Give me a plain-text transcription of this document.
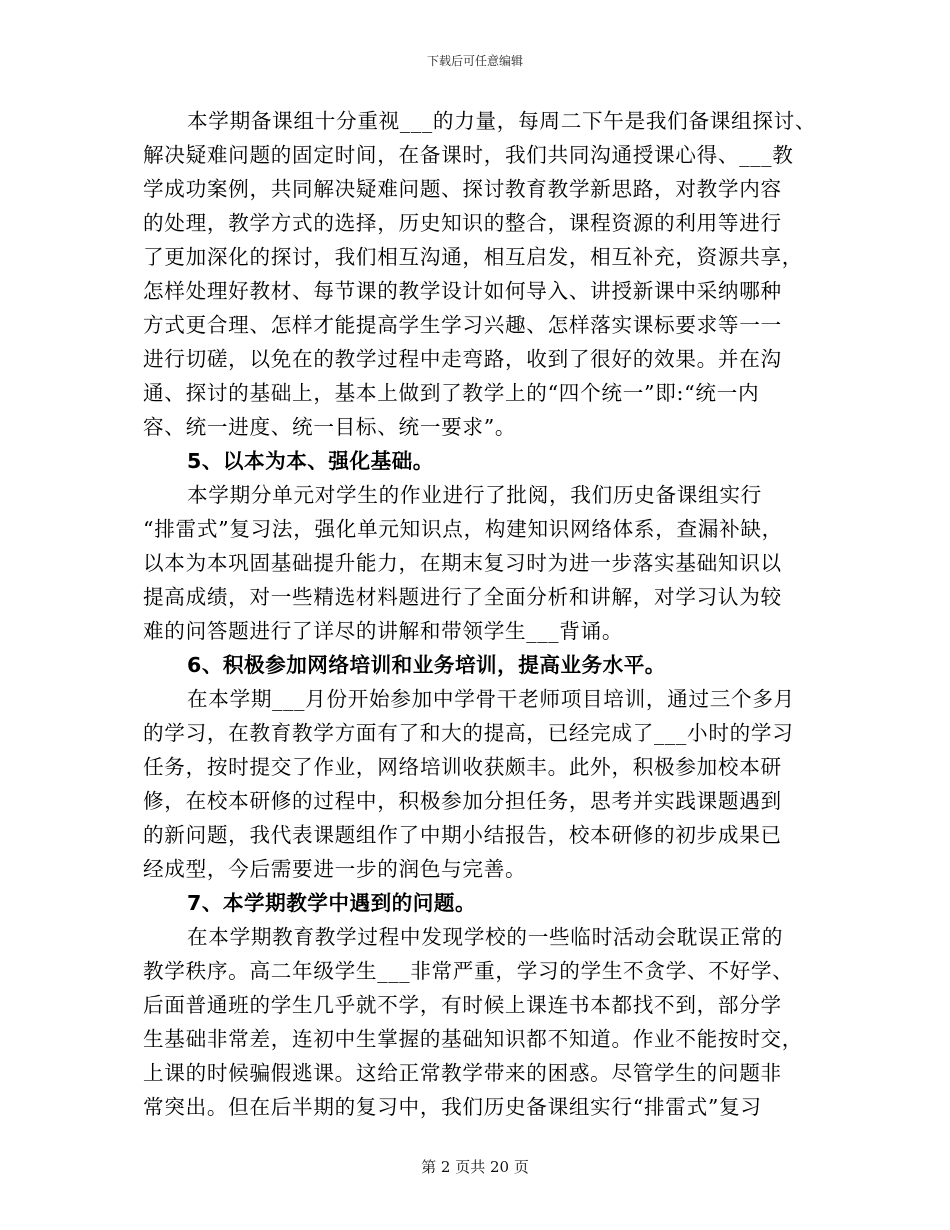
下载后可任意编辑
本学期备课组十分重视___的力量，每周二下午是我们备课组探讨、
解决疑难问题的固定时间，在备课时，我们共同沟通授课心得、___教
学成功案例，共同解决疑难问题、探讨教育教学新思路，对教学内容
的处理，教学方式的选择，历史知识的整合，课程资源的利用等进行
了更加深化的探讨，我们相互沟通，相互启发，相互补充，资源共享，
怎样处理好教材、每节课的教学设计如何导入、讲授新课中采纳哪种
方式更合理、怎样才能提高学生学习兴趣、怎样落实课标要求等一一
进行切磋，以免在的教学过程中走弯路，收到了很好的效果。并在沟
通、探讨的基础上，基本上做到了教学上的“四个统一”即:“统一内
容、统一进度、统一目标、统一要求”。
5、以本为本、强化基础。
本学期分单元对学生的作业进行了批阅，我们历史备课组实行
“排雷式”复习法，强化单元知识点，构建知识网络体系，查漏补缺，
以本为本巩固基础提升能力，在期末复习时为进一步落实基础知识以
提高成绩，对一些精选材料题进行了全面分析和讲解，对学习认为较
难的问答题进行了详尽的讲解和带领学生___背诵。
6、积极参加网络培训和业务培训，提高业务水平。
在本学期___月份开始参加中学骨干老师项目培训，通过三个多月
的学习，在教育教学方面有了和大的提高，已经完成了___小时的学习
任务，按时提交了作业，网络培训收获颇丰。此外，积极参加校本研
修，在校本研修的过程中，积极参加分担任务，思考并实践课题遇到
的新问题，我代表课题组作了中期小结报告，校本研修的初步成果已
经成型，今后需要进一步的润色与完善。
7、本学期教学中遇到的问题。
在本学期教育教学过程中发现学校的一些临时活动会耽误正常的
教学秩序。高二年级学生___非常严重，学习的学生不贪学、不好学、
后面普通班的学生几乎就不学，有时候上课连书本都找不到，部分学
生基础非常差，连初中生掌握的基础知识都不知道。作业不能按时交，
上课的时候骗假逃课。这给正常教学带来的困惑。尽管学生的问题非
常突出。但在后半期的复习中，我们历史备课组实行“排雷式”复习
第 2 页共 20 页
